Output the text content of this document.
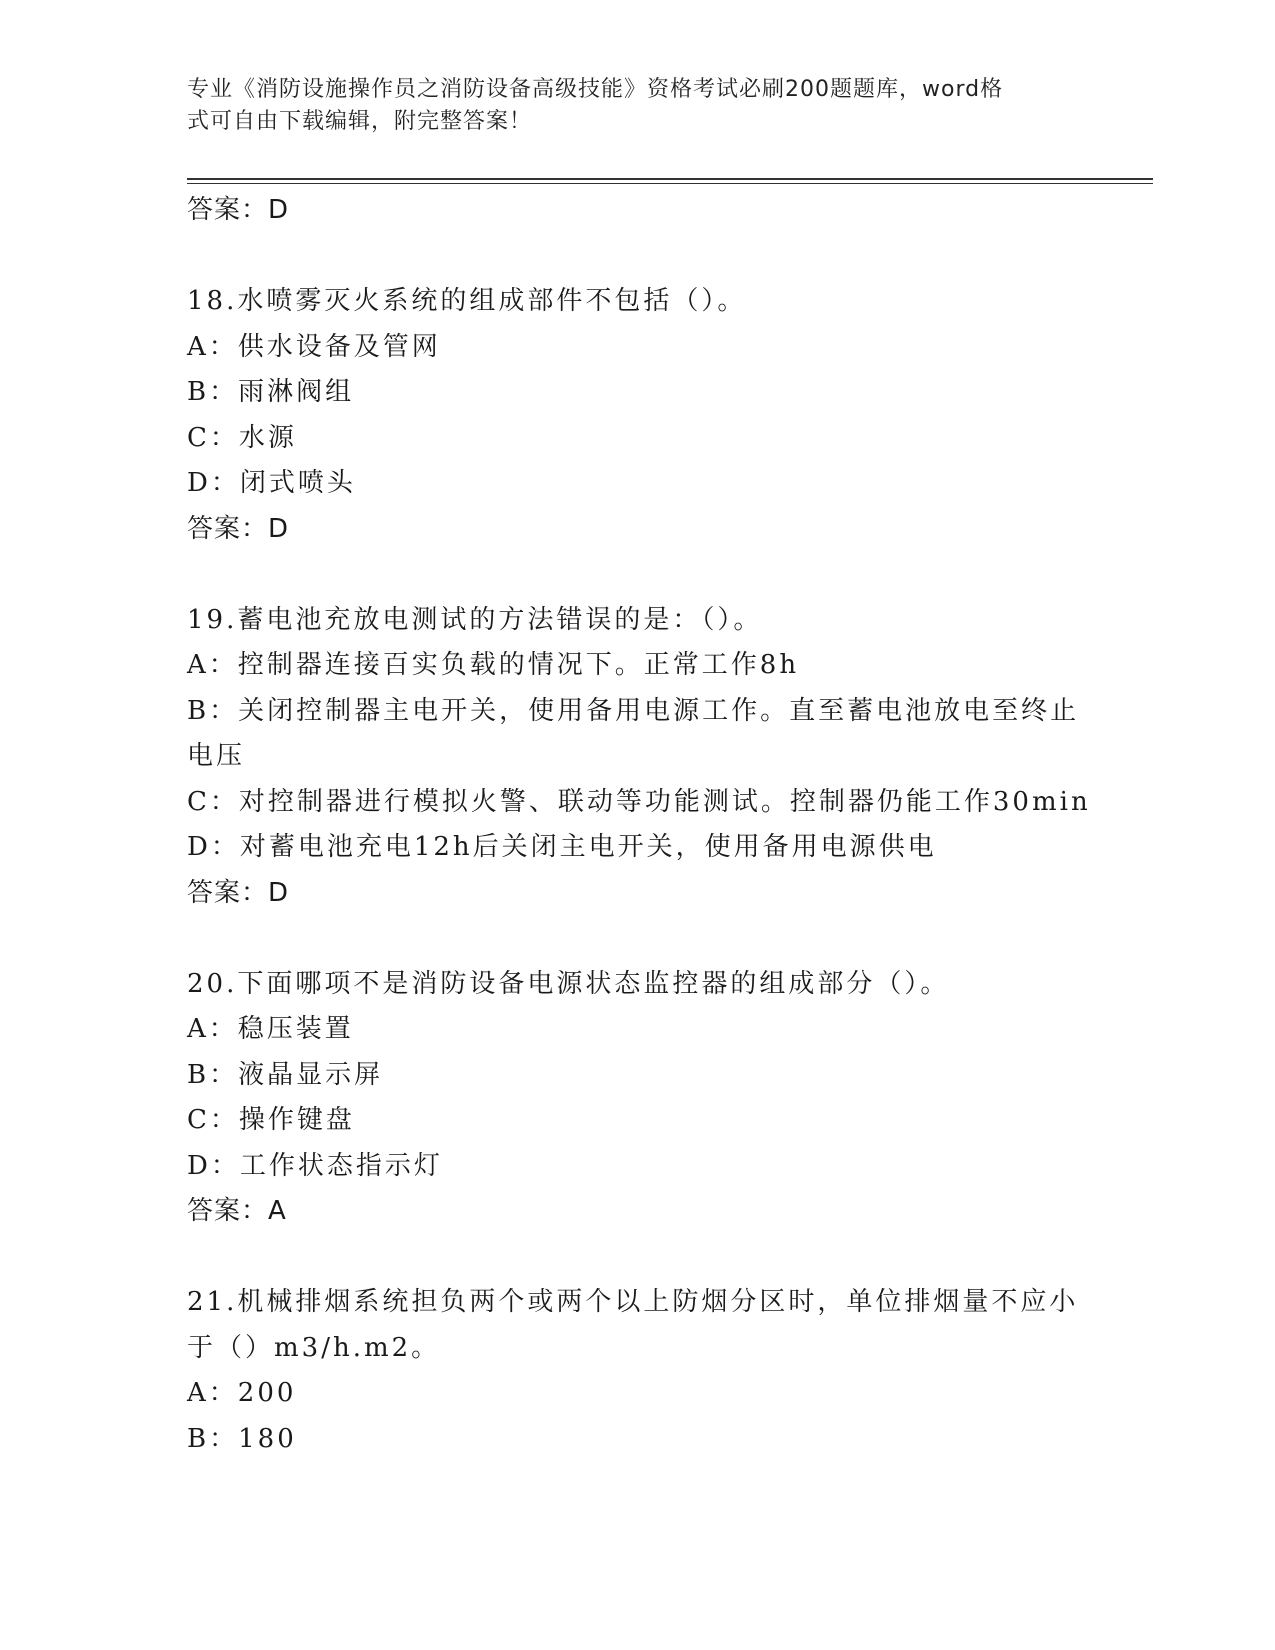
专业《消防设施操作员之消防设备高级技能》资格考试必刷200题题库，word格
式可自由下载编辑，附完整答案！
答案：D
18.水喷雾灭火系统的组成部件不包括（）。
A：供水设备及管网
B：雨淋阀组
C：水源
D：闭式喷头
答案：D
19.蓄电池充放电测试的方法错误的是：（）。
A：控制器连接百实负载的情况下。正常工作8h
B：关闭控制器主电开关，使用备用电源工作。直至蓄电池放电至终止
电压
C：对控制器进行模拟火警、联动等功能测试。控制器仍能工作30min
D：对蓄电池充电12h后关闭主电开关，使用备用电源供电
答案：D
20.下面哪项不是消防设备电源状态监控器的组成部分（）。
A：稳压装置
B：液晶显示屏
C：操作键盘
D：工作状态指示灯
答案：A
21.机械排烟系统担负两个或两个以上防烟分区时，单位排烟量不应小
于（）m3/h.m2。
A：200
B：180
